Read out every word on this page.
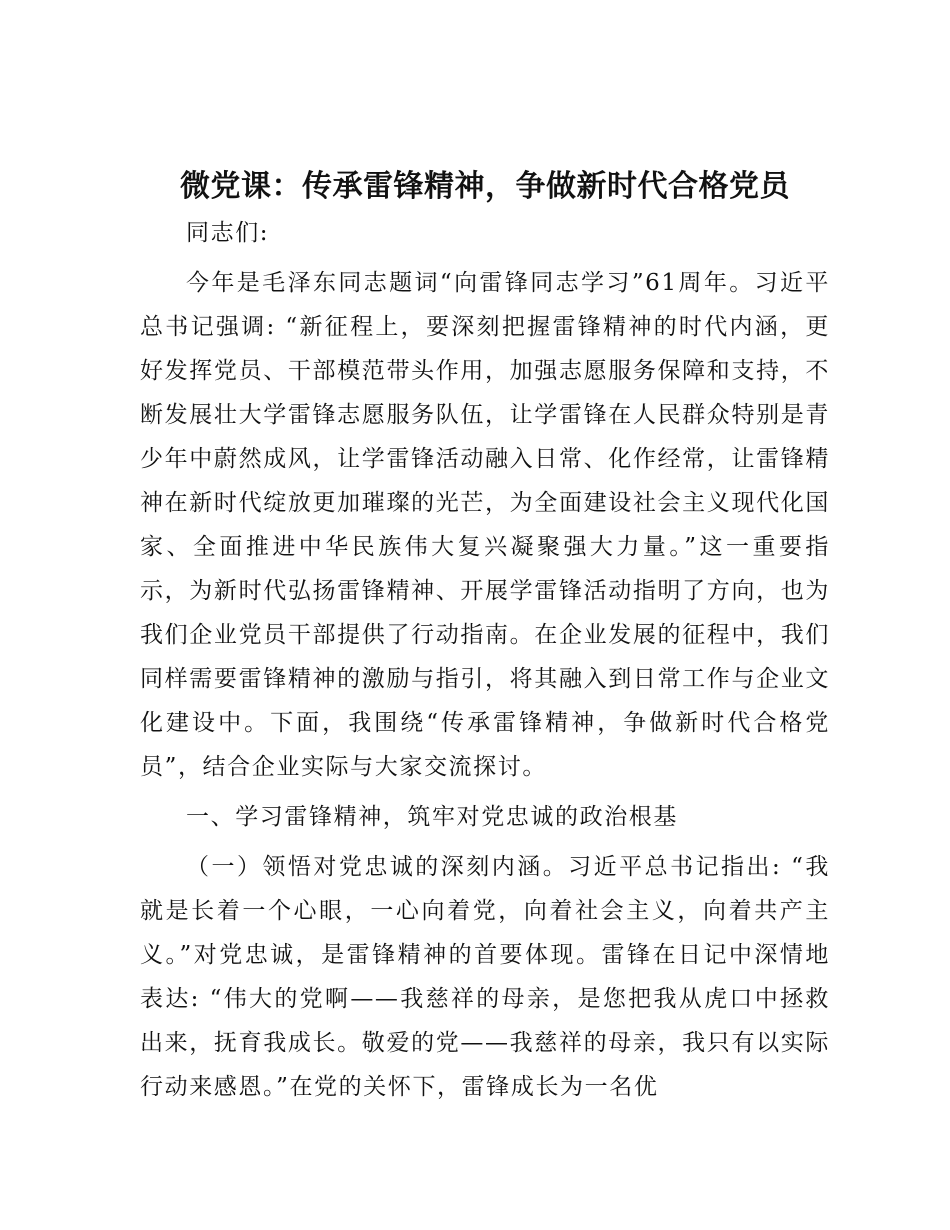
微党课：传承雷锋精神，争做新时代合格党员

同志们:

今年是毛泽东同志题词“向雷锋同志学习”61周年。习近平总书记强调: “新征程上，要深刻把握雷锋精神的时代内涵，更好发挥党员、干部模范带头作用，加强志愿服务保障和支持，不断发展壮大学雷锋志愿服务队伍，让学雷锋在人民群众特别是青少年中蔚然成风，让学雷锋活动融入日常、化作经常，让雷锋精神在新时代绽放更加璀璨的光芒，为全面建设社会主义现代化国家、全面推进中华民族伟大复兴凝聚强大力量。”这一重要指示，为新时代弘扬雷锋精神、开展学雷锋活动指明了方向，也为我们企业党员干部提供了行动指南。在企业发展的征程中，我们同样需要雷锋精神的激励与指引，将其融入到日常工作与企业文化建设中。下面，我围绕“传承雷锋精神，争做新时代合格党员”，结合企业实际与大家交流探讨。

一、学习雷锋精神，筑牢对党忠诚的政治根基

（一）领悟对党忠诚的深刻内涵。习近平总书记指出: “我就是长着一个心眼，一心向着党，向着社会主义，向着共产主义。”对党忠诚，是雷锋精神的首要体现。雷锋在日记中深情地表达: “伟大的党啊——我慈祥的母亲，是您把我从虎口中拯救出来，抚育我成长。敬爱的党——我慈祥的母亲，我只有以实际行动来感恩。”在党的关怀下，雷锋成长为一名优
